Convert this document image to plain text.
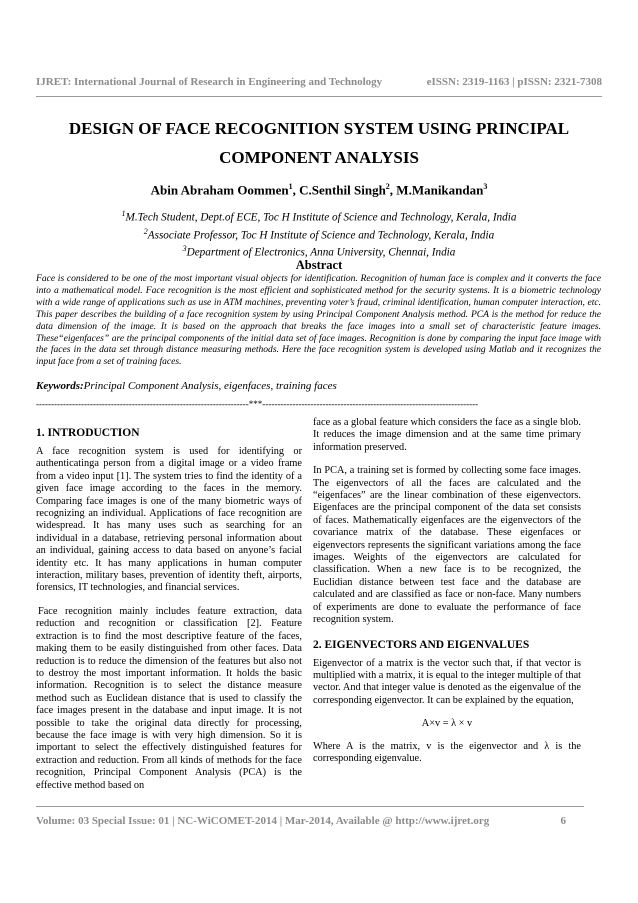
IJRET: International Journal of Research in Engineering and Technology	eISSN: 2319-1163 | pISSN: 2321-7308
DESIGN OF FACE RECOGNITION SYSTEM USING PRINCIPAL
COMPONENT ANALYSIS
Abin Abraham Oommen$^1$, C.Senthil Singh$^2$, M.Manikandan$^3$
$^1$M.Tech Student, Dept.of ECE, Toc H Institute of Science and Technology, Kerala, India
$^2$Associate Professor, Toc H Institute of Science and Technology, Kerala, India
$^3$Department of Electronics, Anna University, Chennai, India
Abstract

Face is considered to be one of the most important visual objects for identification. Recognition of human face is complex and it converts the face into a mathematical model. Face recognition is the most efficient and sophisticated method for the security systems. It is a biometric technology with a wide range of applications such as use in ATM machines, preventing voter’s fraud, criminal identification, human computer interaction, etc. This paper describes the building of a face recognition system by using Principal Component Analysis method. PCA is the method for reduce the data dimension of the image. It is based on the approach that breaks the face images into a small set of characteristic feature images. These“eigenfaces” are the principal components of the initial data set of face images. Recognition is done by comparing the input face image with the faces in the data set through distance measuring methods. Here the face recognition system is developed using Matlab and it recognizes the input face from a set of training faces.

Keywords:Principal Component Analysis, eigenfaces, training faces
-----------------------------------------------------------------------***------------------------------------------------------------------------
1. INTRODUCTION

A face recognition system is used for identifying or authenticatinga person from a digital image or a video frame from a video input [1]. The system tries to find the identity of a given face image according to the faces in the memory. Comparing face images is one of the many biometric ways of recognizing an individual. Applications of face recognition are widespread. It has many uses such as searching for an individual in a database, retrieving personal information about an individual, gaining access to data based on anyone’s facial identity etc. It has many applications in human computer interaction, military bases, prevention of identity theft, airports, forensics, IT technologies, and financial services.

Face recognition mainly includes feature extraction, data reduction and recognition or classification [2]. Feature extraction is to find the most descriptive feature of the faces, making them to be easily distinguished from other faces. Data reduction is to reduce the dimension of the features but also not to destroy the most important information. It holds the basic information. Recognition is to select the distance measure method such as Euclidean distance that is used to classify the face images present in the database and input image. It is not possible to take the original data directly for processing, because the face image is with very high dimension. So it is important to select the effectively distinguished features for extraction and reduction. From all kinds of methods for the face recognition, Principal Component Analysis (PCA) is the effective method based on

face as a global feature which considers the face as a single blob. It reduces the image dimension and at the same time primary information preserved.

In PCA, a training set is formed by collecting some face images. The eigenvectors of all the faces are calculated and the “eigenfaces” are the linear combination of these eigenvectors. Eigenfaces are the principal component of the data set consists of faces. Mathematically eigenfaces are the eigenvectors of the covariance matrix of the database. These eigenfaces or eigenvectors represents the significant variations among the face images. Weights of the eigenvectors are calculated for classification. When a new face is to be recognized, the Euclidian distance between test face and the database are calculated and are classified as face or non-face. Many numbers of experiments are done to evaluate the performance of face recognition system.

2. EIGENVECTORS AND EIGENVALUES

Eigenvector of a matrix is the vector such that, if that vector is multiplied with a matrix, it is equal to the integer multiple of that vector. And that integer value is denoted as the eigenvalue of the corresponding eigenvector. It can be explained by the equation,

A×v = λ × v

Where A is the matrix, v is the eigenvector and λ is the corresponding eigenvalue.

Volume: 03 Special Issue: 01 | NC-WiCOMET-2014 | Mar-2014, Available @ http://www.ijret.org	6
